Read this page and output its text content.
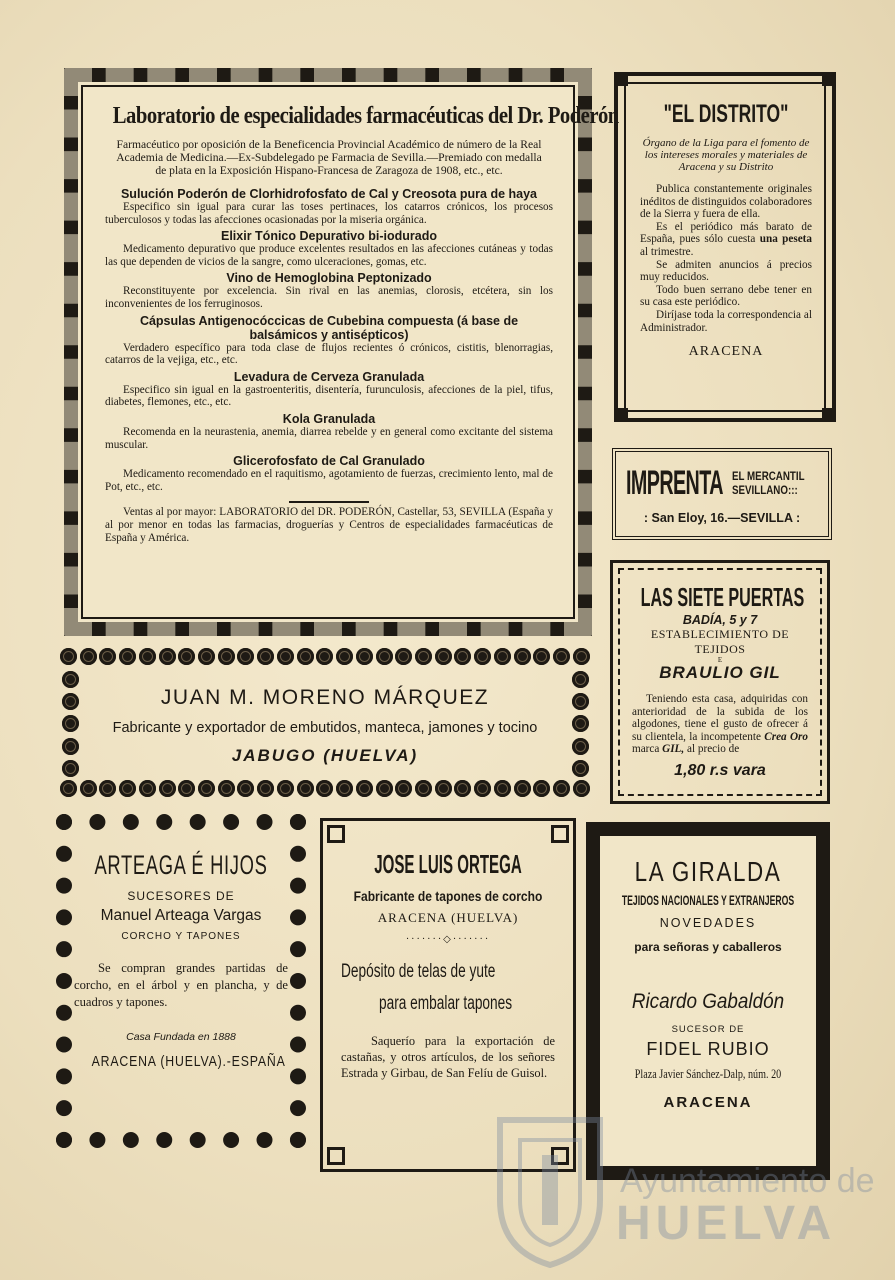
Laboratorio de especialidades farmacéuticas del Dr. Poderón

Farmacéutico por oposición de la Beneficencia Provincial Académico de número de la Real Academia de Medicina.—Ex-Subdelegado pe Farmacia de Sevilla.—Premiado con medalla de plata en la Exposición Hispano-Francesa de Zaragoza de 1908, etc., etc.

Sulución Poderón de Clorhidrofosfato de Cal y Creosota pura de haya

Especifico sin igual para curar las toses pertinaces, los catarros crónicos, los procesos tuberculosos y todas las afecciones ocasionadas por la miseria orgánica.

Elixir Tónico Depurativo bi-iodurado

Medicamento depurativo que produce excelentes resultados en las afecciones cutáneas y todas las que dependen de vicios de la sangre, como ulceraciones, gomas, etc.

Vino de Hemoglobina Peptonizado

Reconstituyente por excelencia. Sin rival en las anemias, clorosis, etcétera, sin los inconvenientes de los ferruginosos.

Cápsulas Antigenocóccicas de Cubebina compuesta (á base de balsámicos y antisépticos)

Verdadero específico para toda clase de flujos recientes ó crónicos, cistitis, blenorragias, catarros de la vejiga, etc., etc.

Levadura de Cerveza Granulada

Especifico sin igual en la gastroenteritis, disentería, furunculosis, afecciones de la piel, tifus, diabetes, flemones, etc., etc.

Kola Granulada

Recomenda en la neurastenia, anemia, diarrea rebelde y en general como excitante del sistema muscular.

Glicerofosfato de Cal Granulado

Medicamento recomendado en el raquitismo, agotamiento de fuerzas, crecimiento lento, mal de Pot, etc., etc.

Ventas al por mayor: LABORATORIO del DR. PODERÓN, Castellar, 53, SEVILLA (España y al por menor en todas las farmacias, droguerías y Centros de especialidades farmacéuticas de España y América.

"EL DISTRITO"

Órgano de la Liga para el fomento de los intereses morales y materiales de Aracena y su Distrito

Publica constantemente originales inéditos de distinguidos colaboradores de la Sierra y fuera de ella.

Es el periódico más barato de España, pues sólo cuesta una peseta al trimestre.

Se admiten anuncios á precios muy reducidos.

Todo buen serrano debe tener en su casa este periódico.

Diríjase toda la correspondencia al Administrador.

ARACENA
IMPRENTA EL MERCANTIL
SEVILLANO:::
: San Eloy, 16.—SEVILLA :
LAS SIETE PUERTAS
BADÍA, 5 y 7
ESTABLECIMIENTO DE TEJIDOS
E
BRAULIO GIL

Teniendo esta casa, adquiridas con anterioridad de la subida de los algodones, tiene el gusto de ofrecer á su clientela, la incompetente Crea Oro marca GIL, al precio de

1,80 r.s vara
JUAN M. MORENO MÁRQUEZ
Fabricante y exportador de embutidos, manteca, jamones y tocino
JABUGO (HUELVA)
ARTEAGA É HIJOS
SUCESORES DE
Manuel Arteaga Vargas
CORCHO Y TAPONES

Se compran grandes partidas de corcho, en el árbol y en plancha, y de cuadros y tapones.

Casa Fundada en 1888
ARACENA (HUELVA).-ESPAÑA
JOSE LUIS ORTEGA
Fabricante de tapones de corcho
ARACENA (HUELVA)
·······◇·······
Depósito de telas de yute
para embalar tapones

Saquerío para la exportación de castañas, y otros artículos, de los señores Estrada y Girbau, de San Felíu de Guisol.

LA GIRALDA
TEJIDOS NACIONALES Y EXTRANJEROS
NOVEDADES
para señoras y caballeros
Ricardo Gabaldón
SUCESOR DE
FIDEL RUBIO
Plaza Javier Sánchez-Dalp, núm. 20
ARACENA
Ayuntamiento de
HUELVA
